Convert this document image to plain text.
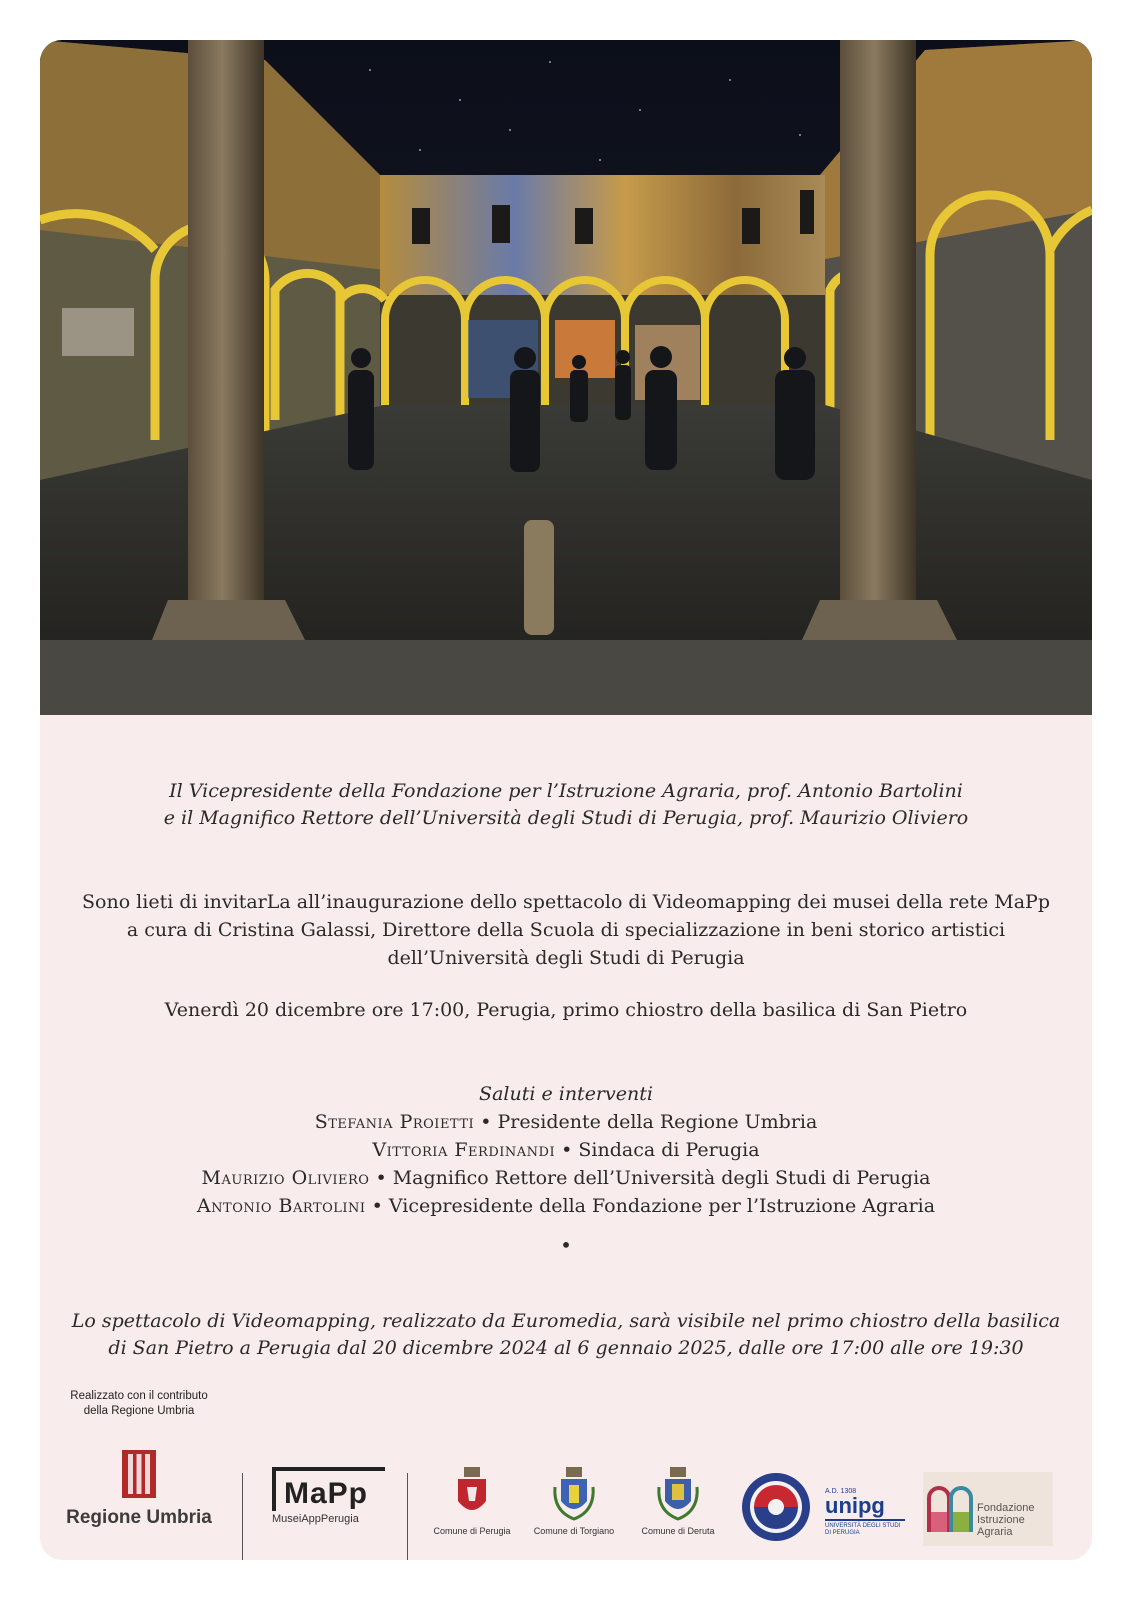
Il Vicepresidente della Fondazione per l’Istruzione Agraria, prof. Antonio Bartolini
e il Magnifico Rettore dell’Università degli Studi di Perugia, prof. Maurizio Oliviero
Sono lieti di invitarLa all’inaugurazione dello spettacolo di Videomapping dei musei della rete MaPp
a cura di Cristina Galassi, Direttore della Scuola di specializzazione in beni storico artistici
dell’Università degli Studi di Perugia
Venerdì 20 dicembre ore 17:00, Perugia, primo chiostro della basilica di San Pietro
Saluti e interventi
Stefania Proietti • Presidente della Regione Umbria
Vittoria Ferdinandi • Sindaca di Perugia
Maurizio Oliviero • Magnifico Rettore dell’Università degli Studi di Perugia
Antonio Bartolini • Vicepresidente della Fondazione per l’Istruzione Agraria
•
Lo spettacolo di Videomapping, realizzato da Euromedia, sarà visibile nel primo chiostro della basilica
di San Pietro a Perugia dal 20 dicembre 2024 al 6 gennaio 2025, dalle ore 17:00 alle ore 19:30
Realizzato con il contributo
della Regione Umbria
Regione Umbria
MaPp
MuseiAppPerugia
Comune di Perugia	Comune di Torgiano	Comune di Deruta
A.D. 1308
unipg
UNIVERSITÀ DEGLI STUDI
DI PERUGIA
Fondazione
Istruzione
Agraria
